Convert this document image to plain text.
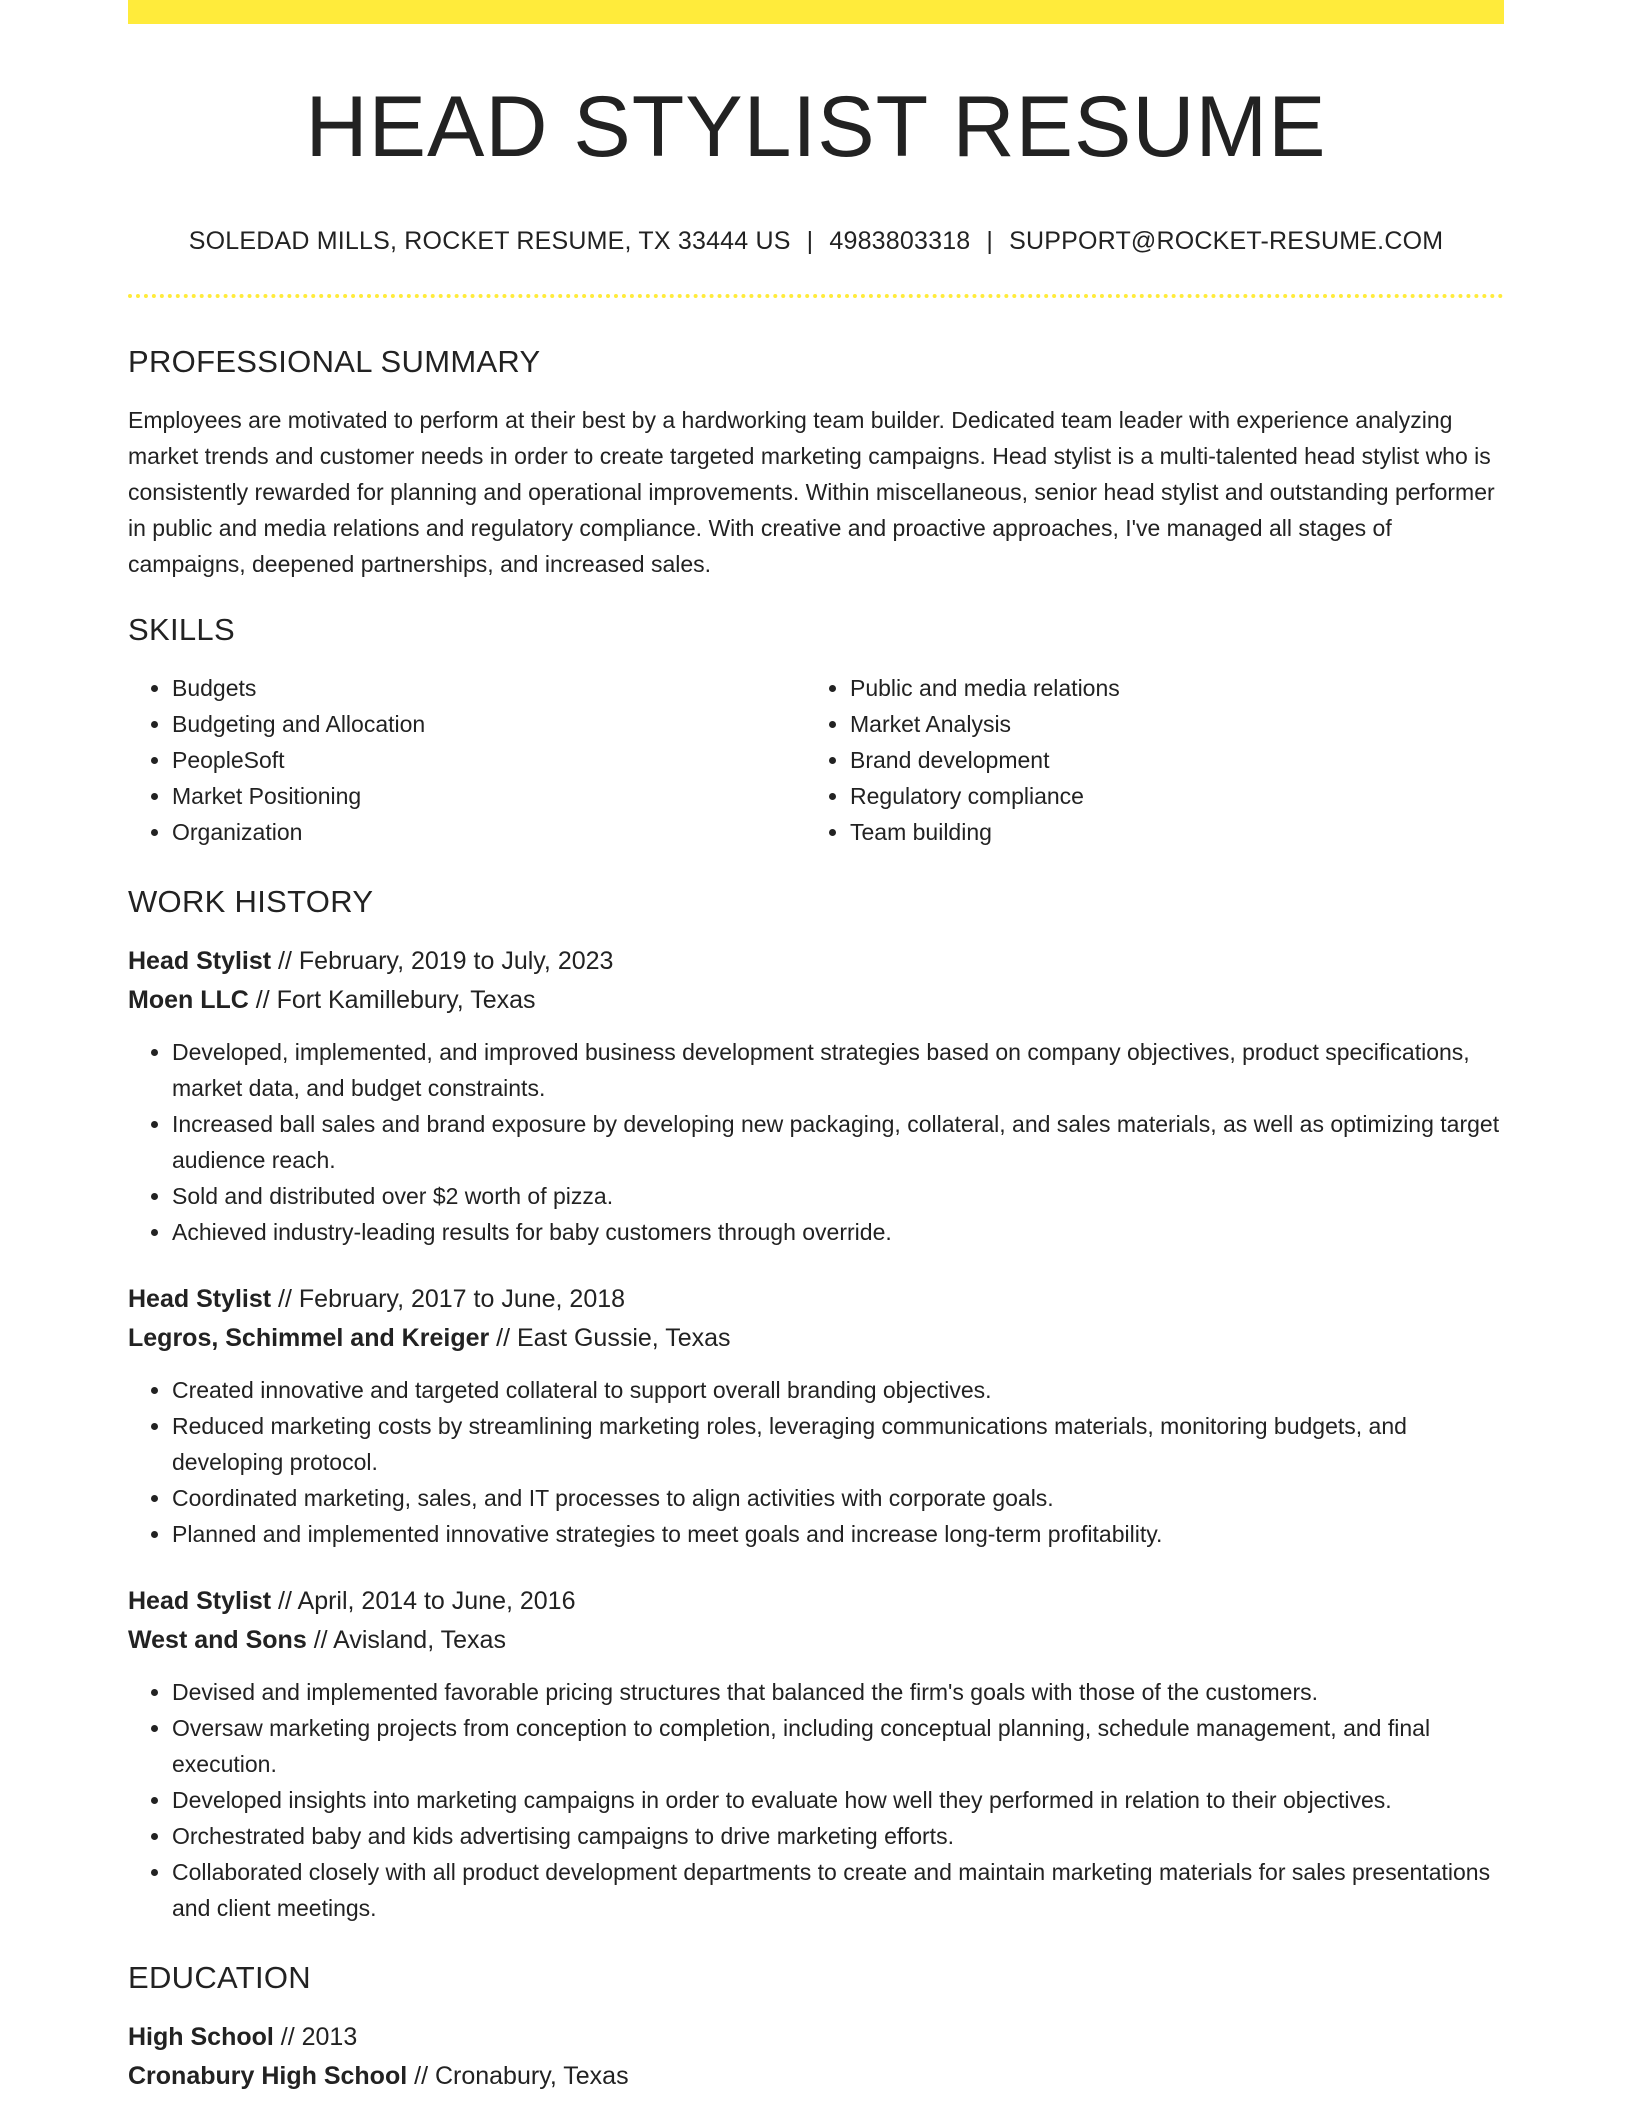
HEAD STYLIST RESUME
SOLEDAD MILLS, ROCKET RESUME, TX 33444 US | 4983803318 | SUPPORT@ROCKET-RESUME.COM
PROFESSIONAL SUMMARY

Employees are motivated to perform at their best by a hardworking team builder. Dedicated team leader with experience analyzing market trends and customer needs in order to create targeted marketing campaigns. Head stylist is a multi-talented head stylist who is consistently rewarded for planning and operational improvements. Within miscellaneous, senior head stylist and outstanding performer in public and media relations and regulatory compliance. With creative and proactive approaches, I've managed all stages of campaigns, deepened partnerships, and increased sales.

SKILLS
• Budgets
• Budgeting and Allocation
• PeopleSoft
• Market Positioning
• Organization
• Public and media relations
• Market Analysis
• Brand development
• Regulatory compliance
• Team building
WORK HISTORY
Head Stylist // February, 2019 to July, 2023
Moen LLC // Fort Kamillebury, Texas
• Developed, implemented, and improved business development strategies based on company objectives, product specifications, market data, and budget constraints.
• Increased ball sales and brand exposure by developing new packaging, collateral, and sales materials, as well as optimizing target audience reach.
• Sold and distributed over $2 worth of pizza.
• Achieved industry-leading results for baby customers through override.
Head Stylist // February, 2017 to June, 2018
Legros, Schimmel and Kreiger // East Gussie, Texas
• Created innovative and targeted collateral to support overall branding objectives.
• Reduced marketing costs by streamlining marketing roles, leveraging communications materials, monitoring budgets, and developing protocol.
• Coordinated marketing, sales, and IT processes to align activities with corporate goals.
• Planned and implemented innovative strategies to meet goals and increase long-term profitability.
Head Stylist // April, 2014 to June, 2016
West and Sons // Avisland, Texas
• Devised and implemented favorable pricing structures that balanced the firm's goals with those of the customers.
• Oversaw marketing projects from conception to completion, including conceptual planning, schedule management, and final execution.
• Developed insights into marketing campaigns in order to evaluate how well they performed in relation to their objectives.
• Orchestrated baby and kids advertising campaigns to drive marketing efforts.
• Collaborated closely with all product development departments to create and maintain marketing materials for sales presentations and client meetings.
EDUCATION
High School // 2013
Cronabury High School // Cronabury, Texas
